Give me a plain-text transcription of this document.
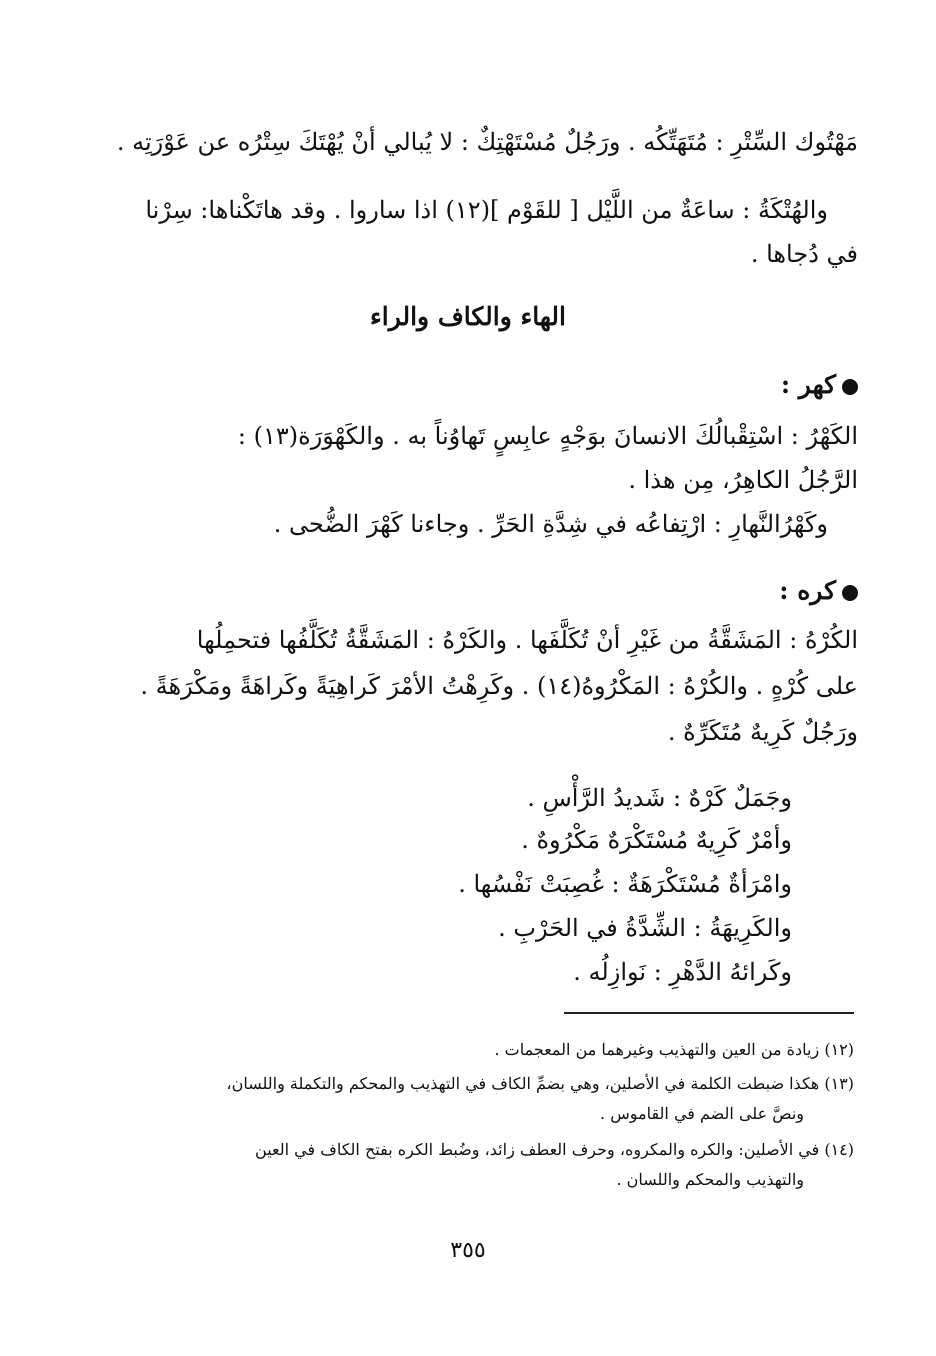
مَهْتُوك السِّتْرِ : مُتَهَتِّكُه . ورَجُلٌ مُسْتَهْتِكٌ : لا يُبالي أنْ يُهْتَكَ سِتْرُه عن عَوْرَتِه .
والهُتْكَةُ : ساعَةٌ من اللَّيْل [ للقَوْم ](١٢) اذا ساروا . وقد هاتَكْناها: سِرْنا
في دُجاها .
الهاء والكاف والراء
كهر :
الكَهْرُ : اسْتِقْبالُكَ الانسانَ بوَجْهٍ عابِسٍ تَهاوُناً به . والكَهْوَرَة(١٣) :
الرَّجُلُ الكاهِرُ، مِن هذا .
وكَهْرُالنَّهارِ : ارْتِفاعُه في شِدَّةِ الحَرِّ . وجاءنا كَهْرَ الضُّحى .
كره :
الكُرْهُ : المَشَقَّةُ من غَيْرِ أنْ تُكَلَّفَها . والكَرْهُ : المَشَقَّةُ تُكَلَّفُها فتحمِلُها
على كُرْهٍ . والكُرْهُ : المَكْرُوهُ(١٤) . وكَرِهْتُ الأمْرَ كَراهِيَةً وكَراهَةً ومَكْرَهَةً .
ورَجُلٌ كَرِيهٌ مُتَكَرِّهٌ .
وجَمَلٌ كَرْهٌ : شَديدُ الرَّأْسِ .
وأمْرٌ كَرِيهٌ مُسْتَكْرَهٌ مَكْرُوهٌ .
وامْرَأةٌ مُسْتَكْرَهَةٌ : غُصِبَتْ نَفْسُها .
والكَرِيهَةُ : الشِّدَّةُ في الحَرْبِ .
وكَرائهُ الدَّهْرِ : نَوازِلُه .
(١٢) زيادة من العين والتهذيب وغيرهما من المعجمات .
(١٣) هكذا ضبطت الكلمة في الأصلين، وهي بضمِّ الكاف في التهذيب والمحكم والتكملة واللسان،
ونصَّ على الضم في القاموس .
(١٤) في الأصلين: والكره والمكروه، وحرف العطف زائد، وضُبط الكره بفتح الكاف في العين
والتهذيب والمحكم واللسان .
٣٥٥
